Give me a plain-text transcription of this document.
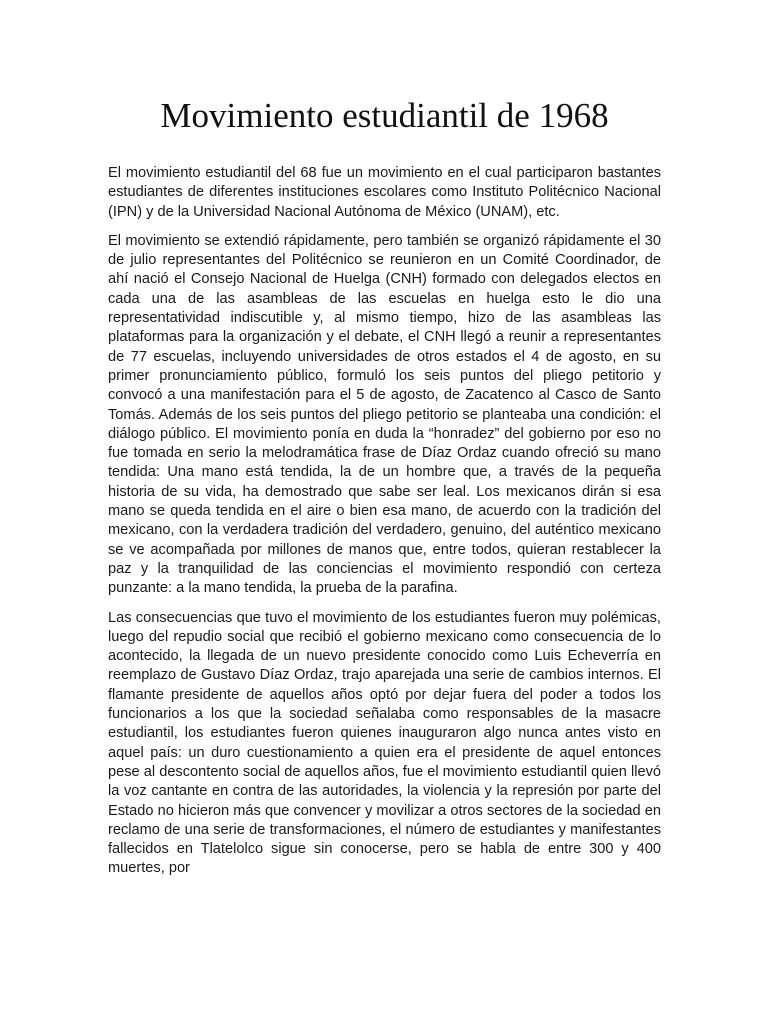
Movimiento estudiantil de 1968

El movimiento estudiantil del 68 fue un movimiento en el cual participaron bastantes estudiantes de diferentes instituciones escolares como Instituto Politécnico Nacional (IPN) y de la Universidad Nacional Autónoma de México (UNAM), etc.

El movimiento se extendió rápidamente, pero también se organizó rápidamente el 30 de julio representantes del Politécnico se reunieron en un Comité Coordinador, de ahí nació el Consejo Nacional de Huelga (CNH) formado con delegados electos en cada una de las asambleas de las escuelas en huelga esto le dio una representatividad indiscutible y, al mismo tiempo, hizo de las asambleas las plataformas para la organización y el debate, el CNH llegó a reunir a representantes de 77 escuelas, incluyendo universidades de otros estados el 4 de agosto, en su primer pronunciamiento público, formuló los seis puntos del pliego petitorio y convocó a una manifestación para el 5 de agosto, de Zacatenco al Casco de Santo Tomás. Además de los seis puntos del pliego petitorio se planteaba una condición: el diálogo público. El movimiento ponía en duda la “honradez” del gobierno por eso no fue tomada en serio la melodramática frase de Díaz Ordaz cuando ofreció su mano tendida: Una mano está tendida, la de un hombre que, a través de la pequeña historia de su vida, ha demostrado que sabe ser leal. Los mexicanos dirán si esa mano se queda tendida en el aire o bien esa mano, de acuerdo con la tradición del mexicano, con la verdadera tradición del verdadero, genuino, del auténtico mexicano se ve acompañada por millones de manos que, entre todos, quieran restablecer la paz y la tranquilidad de las conciencias el movimiento respondió con certeza punzante: a la mano tendida, la prueba de la parafina.

Las consecuencias que tuvo el movimiento de los estudiantes fueron muy polémicas, luego del repudio social que recibió el gobierno mexicano como consecuencia de lo acontecido, la llegada de un nuevo presidente conocido como Luis Echeverría en reemplazo de Gustavo Díaz Ordaz, trajo aparejada una serie de cambios internos. El flamante presidente de aquellos años optó por dejar fuera del poder a todos los funcionarios a los que la sociedad señalaba como responsables de la masacre estudiantil, los estudiantes fueron quienes inauguraron algo nunca antes visto en aquel país: un duro cuestionamiento a quien era el presidente de aquel entonces pese al descontento social de aquellos años, fue el movimiento estudiantil quien llevó la voz cantante en contra de las autoridades, la violencia y la represión por parte del Estado no hicieron más que convencer y movilizar a otros sectores de la sociedad en reclamo de una serie de transformaciones, el número de estudiantes y manifestantes fallecidos en Tlatelolco sigue sin conocerse, pero se habla de entre 300 y 400 muertes, por
